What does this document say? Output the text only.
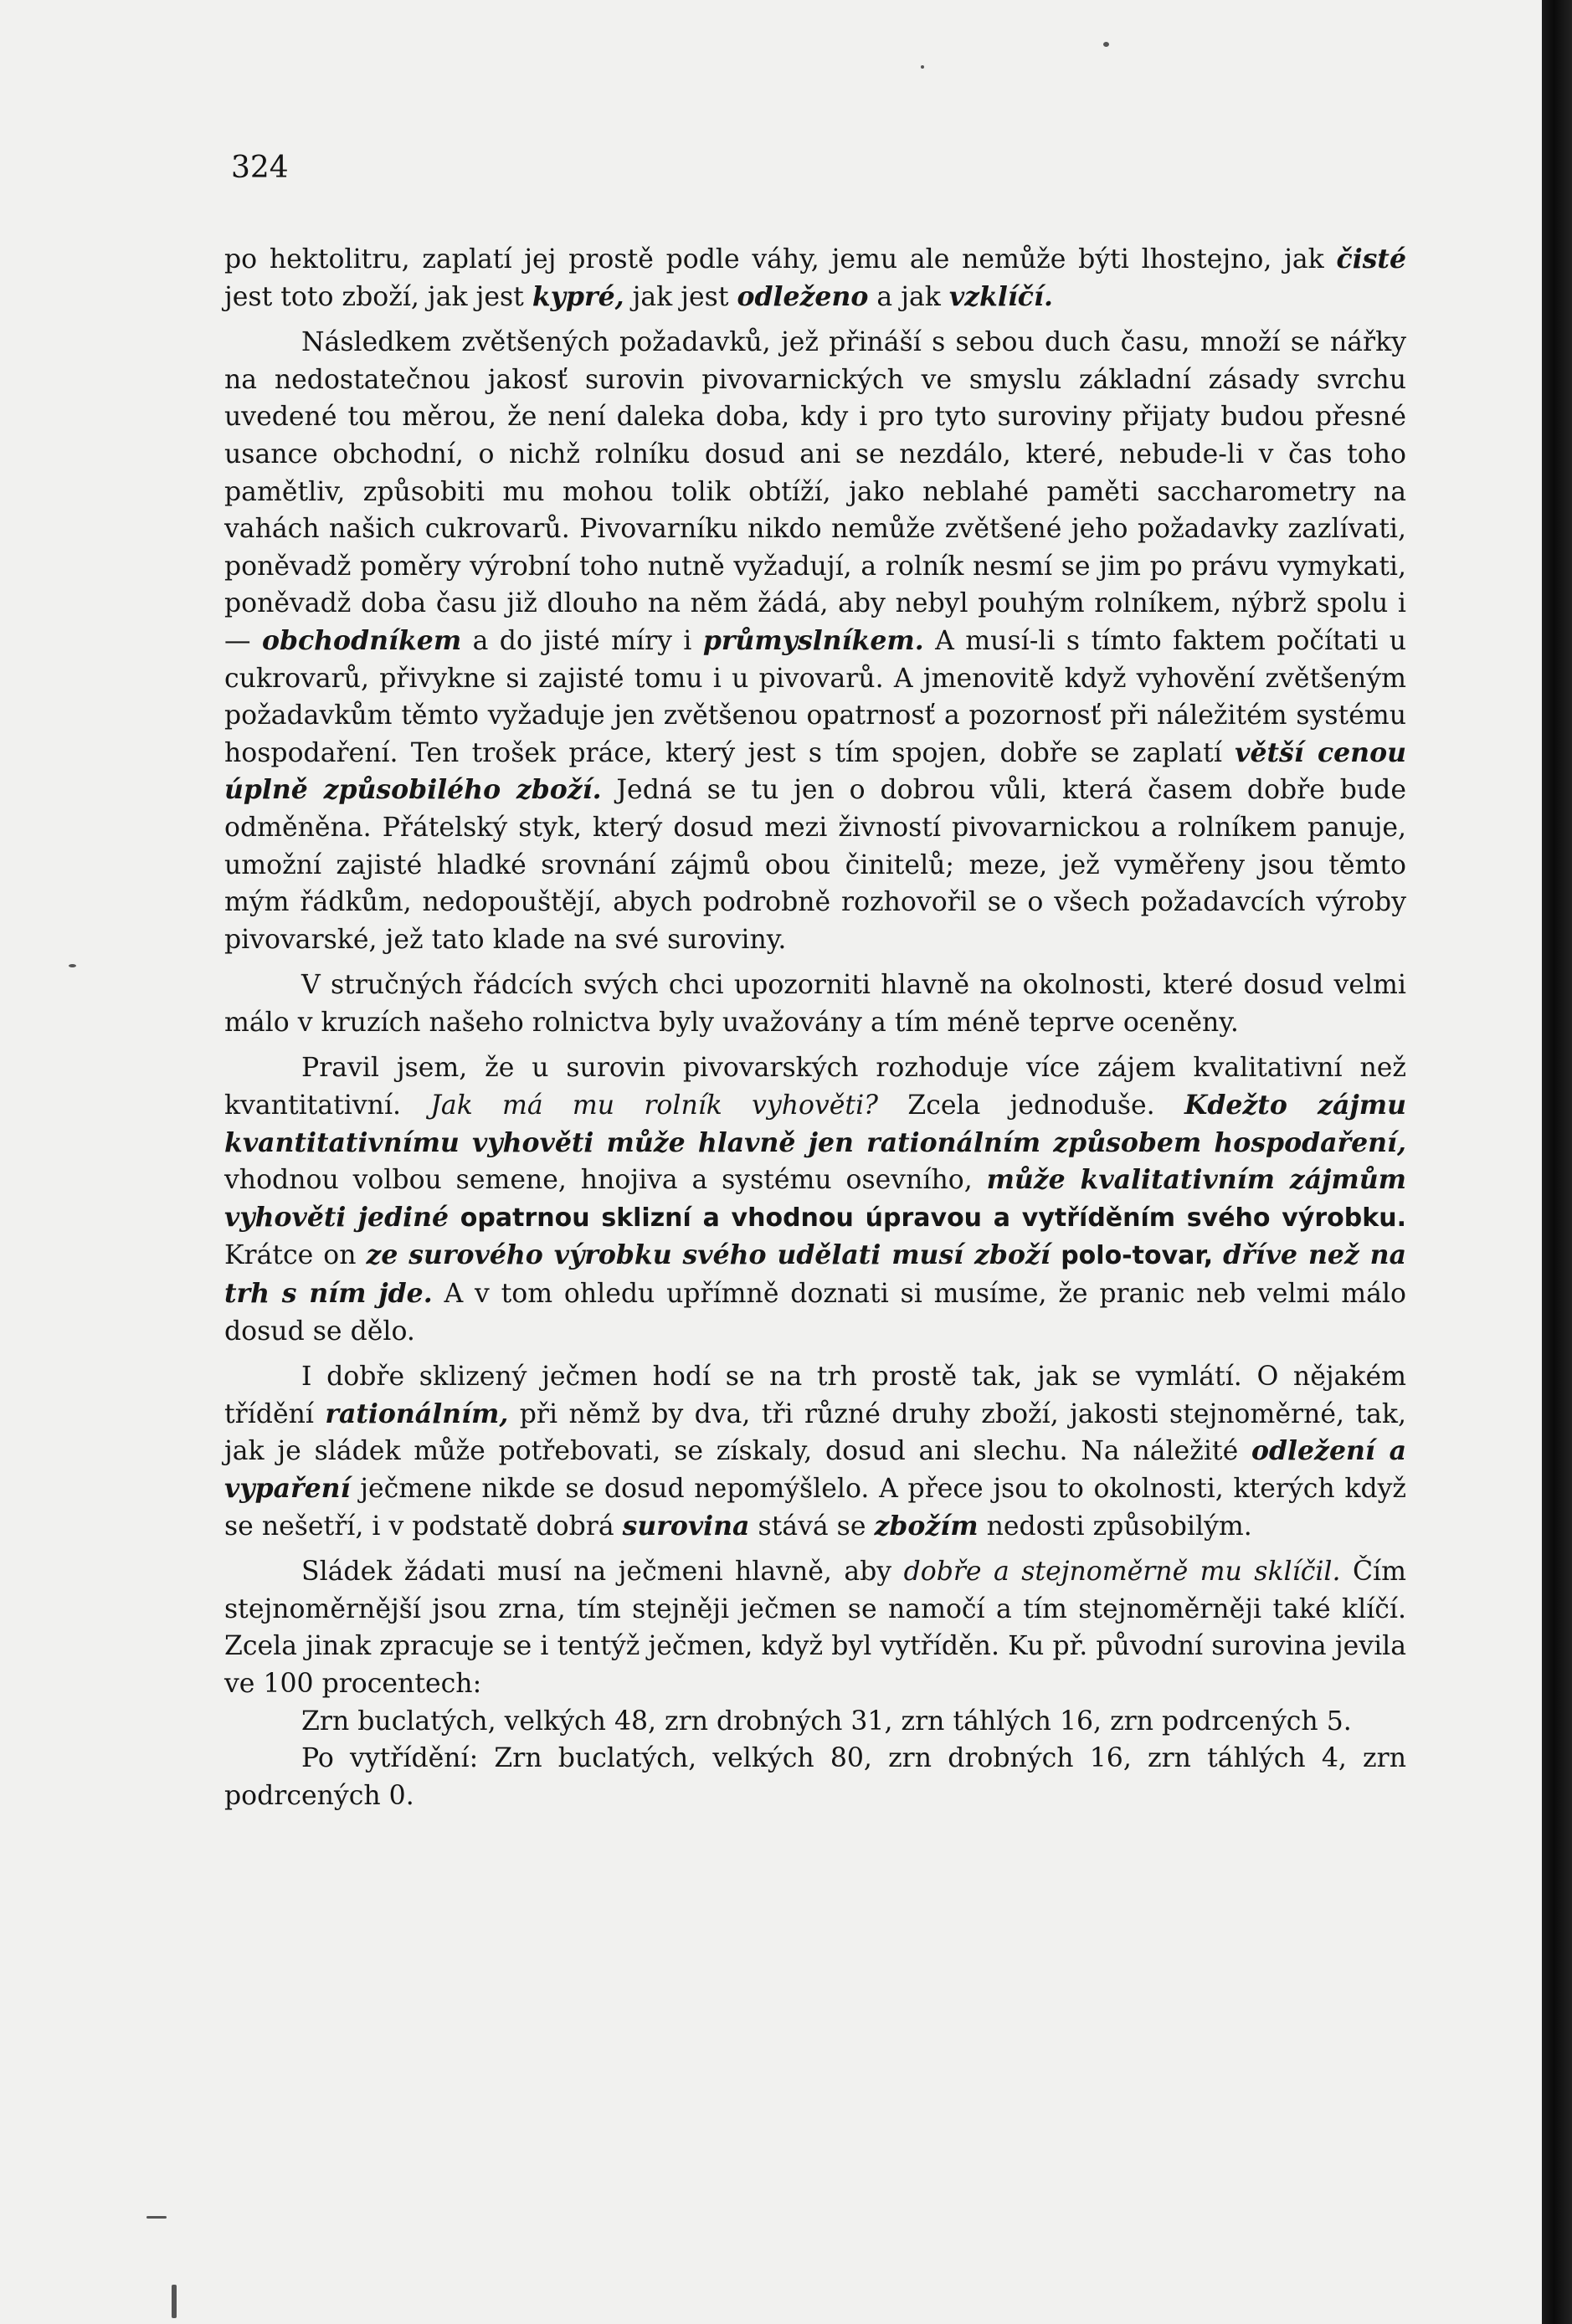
324

po hektolitru, zaplatí jej prostě podle váhy, jemu ale nemůže býti lhostejno, jak čisté jest toto zboží, jak jest kypré, jak jest odleženo a jak vzklíčí.

Následkem zvětšených požadavků, jež přináší s sebou duch času, množí se nářky na nedostatečnou jakosť surovin pivovarnických ve smyslu základní zásady svrchu uvedené tou měrou, že není daleka doba, kdy i pro tyto suroviny přijaty budou přesné usance obchodní, o nichž rolníku dosud ani se nezdálo, které, nebude-li v čas toho pamětliv, způsobiti mu mohou tolik obtíží, jako neblahé paměti saccharometry na vahách našich cukrovarů. Pivovarníku nikdo nemůže zvětšené jeho požadavky zazlívati, poněvadž poměry výrobní toho nutně vyžadují, a rolník nesmí se jim po právu vymykati, poněvadž doba času již dlouho na něm žádá, aby nebyl pouhým rolníkem, nýbrž spolu i — obchodníkem a do jisté míry i průmyslníkem. A musí-li s tímto faktem počítati u cukrovarů, přivykne si zajisté tomu i u pivovarů. A jmenovitě když vyhovění zvětšeným požadavkům těmto vyžaduje jen zvětšenou opatrnosť a pozornosť při náležitém systému hospodaření. Ten trošek práce, který jest s tím spojen, dobře se zaplatí větší cenou úplně způsobilého zboží. Jedná se tu jen o dobrou vůli, která časem dobře bude odměněna. Přátelský styk, který dosud mezi živností pivovarnickou a rolníkem panuje, umožní zajisté hladké srovnání zájmů obou činitelů; meze, jež vyměřeny jsou těmto mým řádkům, nedopouštějí, abych podrobně rozhovořil se o všech požadavcích výroby pivovarské, jež tato klade na své suroviny.

V stručných řádcích svých chci upozorniti hlavně na okolnosti, které dosud velmi málo v kruzích našeho rolnictva byly uvažovány a tím méně teprve oceněny.

Pravil jsem, že u surovin pivovarských rozhoduje více zájem kvalitativní než kvantitativní. Jak má mu rolník vyhověti? Zcela jednoduše. Kdežto zájmu kvantitativnímu vyhověti může hlavně jen rationálním způsobem hospodaření, vhodnou volbou semene, hnojiva a systému osevního, může kvalitativním zájmům vyhověti jediné opatrnou sklizní a vhodnou úpravou a vytříděním svého výrobku. Krátce on ze surového výrobku svého udělati musí zboží polo-tovar, dříve než na trh s ním jde. A v tom ohledu upřímně doznati si musíme, že pranic neb velmi málo dosud se dělo.

I dobře sklizený ječmen hodí se na trh prostě tak, jak se vymlátí. O nějakém třídění rationálním, při němž by dva, tři různé druhy zboží, jakosti stejnoměrné, tak, jak je sládek může potřebovati, se získaly, dosud ani slechu. Na náležité odležení a vypaření ječmene nikde se dosud nepomýšlelo. A přece jsou to okolnosti, kterých když se nešetří, i v podstatě dobrá surovina stává se zbožím nedosti způsobilým.

Sládek žádati musí na ječmeni hlavně, aby dobře a stejnoměrně mu sklíčil. Čím stejnoměrnější jsou zrna, tím stejněji ječmen se namočí a tím stejnoměrněji také klíčí. Zcela jinak zpracuje se i tentýž ječmen, když byl vytříděn. Ku př. původní surovina jevila ve 100 procentech:

Zrn buclatých, velkých 48, zrn drobných 31, zrn táhlých 16, zrn podrcených 5.

Po vytřídění: Zrn buclatých, velkých 80, zrn drobných 16, zrn táhlých 4, zrn podrcených 0.
